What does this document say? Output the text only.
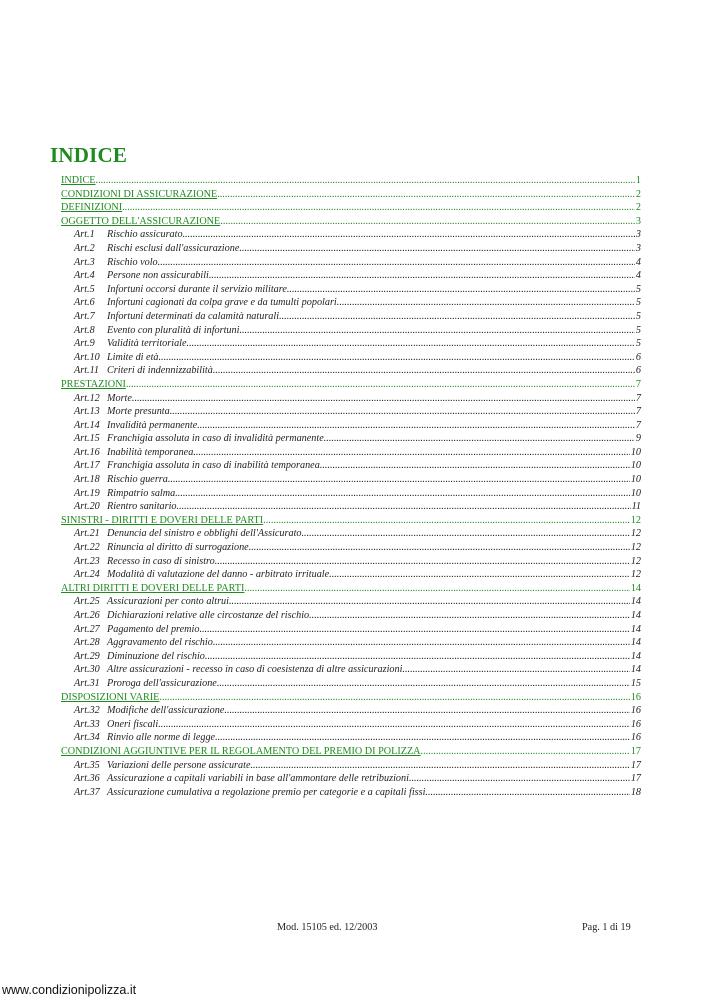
INDICE
INDICE .....	1
CONDIZIONI DI ASSICURAZIONE .....	2
DEFINIZIONI .....	2
OGGETTO DELL'ASSICURAZIONE .....	3
Art.1	Rischio assicurato .....	3
Art.2	Rischi esclusi dall'assicurazione .....	3
Art.3	Rischio volo .....	4
Art.4	Persone non assicurabili .....	4
Art.5	Infortuni occorsi durante il servizio militare .....	5
Art.6	Infortuni cagionati da colpa grave e da tumulti popolari. .....	5
Art.7	Infortuni determinati da calamità naturali .....	5
Art.8	Evento con pluralità di infortuni .....	5
Art.9	Validità territoriale .....	5
Art.10 Limite di età .....	6
Art.11 Criteri di indennizzabilità .....	6
PRESTAZIONI .....	7
Art.12 Morte .....	7
Art.13 Morte presunta .....	7
Art.14 Invalidità permanente .....	7
Art.15 Franchigia assoluta in caso di invalidità permanente .....	9
Art.16 Inabilità temporanea .....	10
Art.17 Franchigia assoluta in caso di inabilità temporanea .....	10
Art.18 Rischio guerra .....	10
Art.19 Rimpatrio salma .....	10
Art.20 Rientro sanitario .....	11
SINISTRI - DIRITTI E DOVERI DELLE PARTI .....	12
Art.21 Denuncia del sinistro e obblighi dell'Assicurato .....	12
Art.22 Rinuncia al diritto di surrogazione .....	12
Art.23 Recesso in caso di sinistro .....	12
Art.24 Modalità di valutazione del danno - arbitrato irrituale .....	12
ALTRI DIRITTI E DOVERI DELLE PARTI .....	14
Art.25 Assicurazioni per conto altrui .....	14
Art.26 Dichiarazioni relative alle circostanze del rischio .....	14
Art.27 Pagamento del premio .....	14
Art.28 Aggravamento del rischio .....	14
Art.29 Diminuzione del rischio .....	14
Art.30 Altre assicurazioni - recesso in caso di coesistenza di altre assicurazioni .....	14
Art.31 Proroga dell'assicurazione .....	15
DISPOSIZIONI VARIE .....	16
Art.32 Modifiche dell'assicurazione .....	16
Art.33 Oneri fiscali .....	16
Art.34 Rinvio alle norme di legge .....	16
CONDIZIONI AGGIUNTIVE PER IL REGOLAMENTO DEL PREMIO DI POLIZZA .....	17
Art.35 Variazioni delle persone assicurate .....	17
Art.36 Assicurazione a capitali variabili in base all'ammontare delle retribuzioni .....	17
Art.37 Assicurazione cumulativa a regolazione premio per categorie e a capitali fissi .....	18
Mod. 15105 ed. 12/2003	Pag. 1 di 19
www.condizionipolizza.it
